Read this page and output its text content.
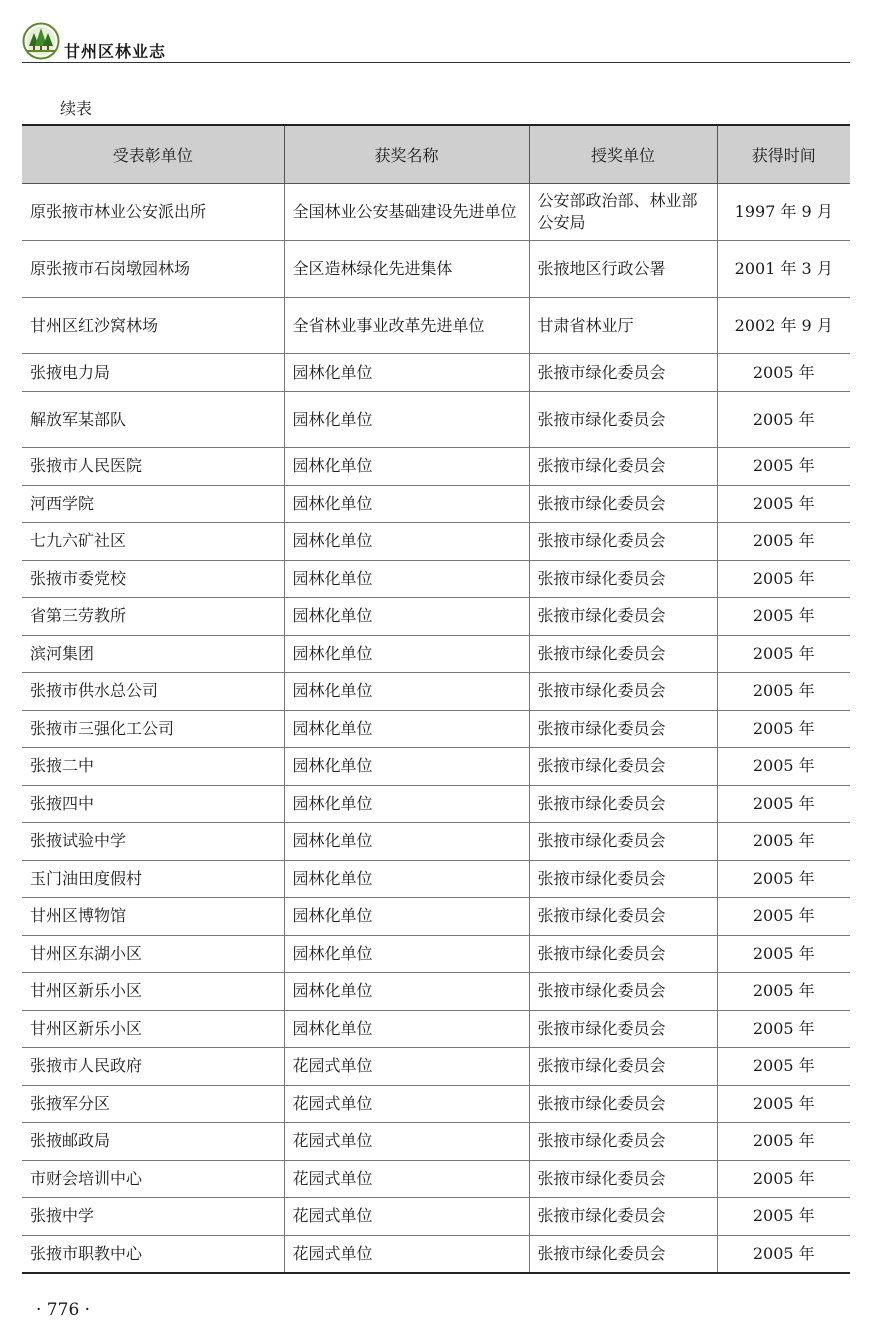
甘州区林业志
续表
受表彰单位	获奖名称	授奖单位	获得时间
原张掖市林业公安派出所	全国林业公安基础建设先进单位	公安部政治部、林业部公安局	1997 年 9 月
原张掖市石岗墩园林场	全区造林绿化先进集体	张掖地区行政公署	2001 年 3 月
甘州区红沙窝林场	全省林业事业改革先进单位	甘肃省林业厅	2002 年 9 月
张掖电力局	园林化单位	张掖市绿化委员会	2005 年
解放军某部队	园林化单位	张掖市绿化委员会	2005 年
张掖市人民医院	园林化单位	张掖市绿化委员会	2005 年
河西学院	园林化单位	张掖市绿化委员会	2005 年
七九六矿社区	园林化单位	张掖市绿化委员会	2005 年
张掖市委党校	园林化单位	张掖市绿化委员会	2005 年
省第三劳教所	园林化单位	张掖市绿化委员会	2005 年
滨河集团	园林化单位	张掖市绿化委员会	2005 年
张掖市供水总公司	园林化单位	张掖市绿化委员会	2005 年
张掖市三强化工公司	园林化单位	张掖市绿化委员会	2005 年
张掖二中	园林化单位	张掖市绿化委员会	2005 年
张掖四中	园林化单位	张掖市绿化委员会	2005 年
张掖试验中学	园林化单位	张掖市绿化委员会	2005 年
玉门油田度假村	园林化单位	张掖市绿化委员会	2005 年
甘州区博物馆	园林化单位	张掖市绿化委员会	2005 年
甘州区东湖小区	园林化单位	张掖市绿化委员会	2005 年
甘州区新乐小区	园林化单位	张掖市绿化委员会	2005 年
甘州区新乐小区	园林化单位	张掖市绿化委员会	2005 年
张掖市人民政府	花园式单位	张掖市绿化委员会	2005 年
张掖军分区	花园式单位	张掖市绿化委员会	2005 年
张掖邮政局	花园式单位	张掖市绿化委员会	2005 年
市财会培训中心	花园式单位	张掖市绿化委员会	2005 年
张掖中学	花园式单位	张掖市绿化委员会	2005 年
张掖市职教中心	花园式单位	张掖市绿化委员会	2005 年
· 776 ·
